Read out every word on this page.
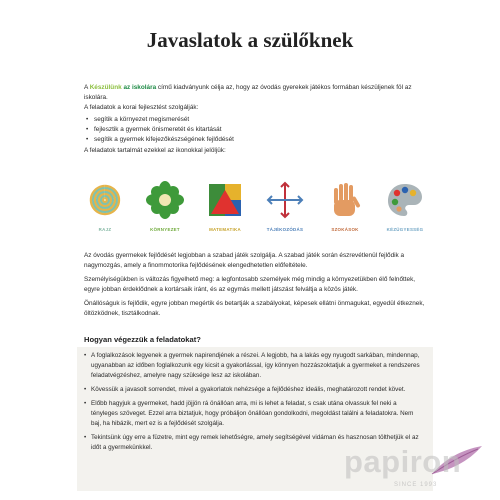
Javaslatok a szülőknek

A Készülünk az iskolára című kiadványunk célja az, hogy az óvodás gyerekek játékos formában készüljenek föl az iskolára.

A feladatok a korai fejlesztést szolgálják:

• segítik a környezet megismerését
• fejlesztik a gyermek önismeretét és kitartását
• segítik a gyermek kifejezőkészségének fejlődését

A feladatok tartalmát ezekkel az ikonokkal jelöljük:

RAJZ	KÖRNYEZET	MATEMATIKA	TÁJÉKOZÓDÁS	SZOKÁSOK	KÉZÜGYESSÉG

Az óvodás gyermekek fejlődését legjobban a szabad játék szolgálja. A szabad játék során észrevétlenül fejlődik a nagymozgás, amely a finommotorika fejlődésének elengedhetetlen előfeltétele.

Személyiségükben is változás figyelhető meg: a legfontosabb személyek még mindig a környezetükben élő felnőttek, egyre jobban érdeklődnek a kortársaik iránt, és az egymás mellett játszást felváltja a közös játék.

Önállóságuk is fejlődik, egyre jobban megértik és betartják a szabályokat, képesek ellátni önmagukat, egyedül étkeznek, öltözködnek, tisztálkodnak.

Hogyan végezzük a feladatokat?
• A foglalkozások legyenek a gyermek napirendjének a részei. A legjobb, ha a lakás egy nyugodt sarkában, mindennap, ugyanabban az időben foglalkozunk egy kicsit a gyakorlással, így könnyen hozzászoktatjuk a gyermeket a rendszeres feladatvégzéshez, amelyre nagy szüksége lesz az iskolában.
• Kövessük a javasolt sorrendet, mivel a gyakorlatok nehézsége a fejlődéshez ideális, meghatározott rendet követ.
• Előbb hagyjuk a gyermeket, hadd jöjjön rá önállóan arra, mi is lehet a feladat, s csak utána olvassuk fel neki a tényleges szöveget. Ezzel arra biztatjuk, hogy próbáljon önállóan gondolkodni, megoldást találni a feladatokra. Nem baj, ha hibázik, mert ez is a fejlődését szolgálja.
• Tekintsünk úgy erre a füzetre, mint egy remek lehetőségre, amely segítségével vidáman és hasznosan tölthetjük el az időt a gyermekünkkel.	papiron
SINCE 1993
